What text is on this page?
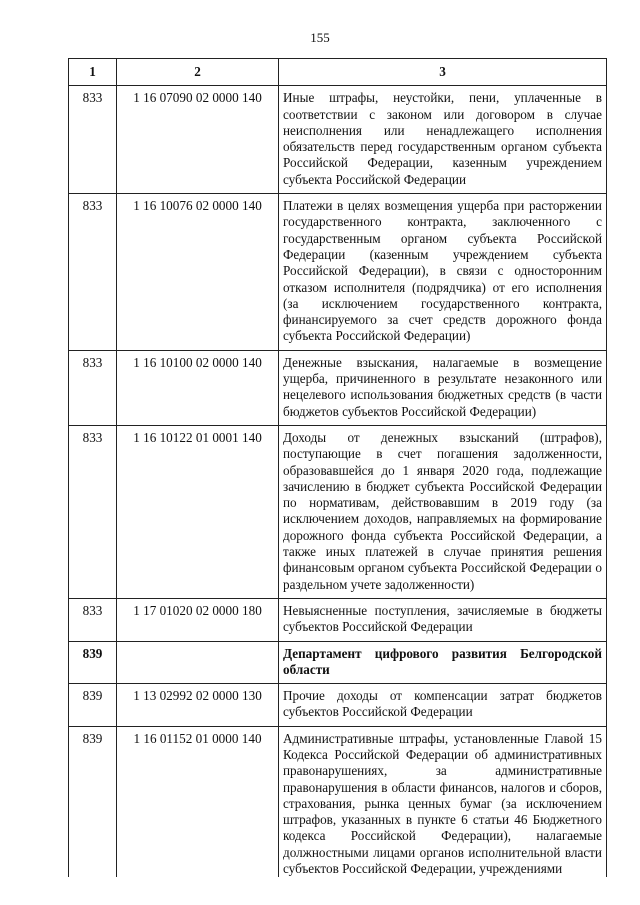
155
1	2	3
833	1 16 07090 02 0000 140	Иные штрафы, неустойки, пени, уплаченные в соответствии с законом или договором в случае неисполнения или ненадлежащего исполнения обязательств перед государственным органом субъекта Российской Федерации, казенным учреждением субъекта Российской Федерации
833	1 16 10076 02 0000 140	Платежи в целях возмещения ущерба при расторжении государственного контракта, заключенного с государственным органом субъекта Российской Федерации (казенным учреждением субъекта Российской Федерации), в связи с односторонним отказом исполнителя (подрядчика) от его исполнения (за исключением государственного контракта, финансируемого за счет средств дорожного фонда субъекта Российской Федерации)
833	1 16 10100 02 0000 140	Денежные взыскания, налагаемые в возмещение ущерба, причиненного в результате незаконного или нецелевого использования бюджетных средств (в части бюджетов субъектов Российской Федерации)
833	1 16 10122 01 0001 140	Доходы от денежных взысканий (штрафов), поступающие в счет погашения задолженности, образовавшейся до 1 января 2020 года, подлежащие зачислению в бюджет субъекта Российской Федерации по нормативам, действовавшим в 2019 году (за исключением доходов, направляемых на формирование дорожного фонда субъекта Российской Федерации, а также иных платежей в случае принятия решения финансовым органом субъекта Российской Федерации о раздельном учете задолженности)
833	1 17 01020 02 0000 180	Невыясненные поступления, зачисляемые в бюджеты субъектов Российской Федерации
839		Департамент цифрового развития Белгородской области
839	1 13 02992 02 0000 130	Прочие доходы от компенсации затрат бюджетов субъектов Российской Федерации
839	1 16 01152 01 0000 140	Административные штрафы, установленные Главой 15 Кодекса Российской Федерации об административных правонарушениях, за административные правонарушения в области финансов, налогов и сборов, страхования, рынка ценных бумаг (за исключением штрафов, указанных в пункте 6 статьи 46 Бюджетного кодекса Российской Федерации), налагаемые должностными лицами органов исполнительной власти субъектов Российской Федерации, учреждениями
